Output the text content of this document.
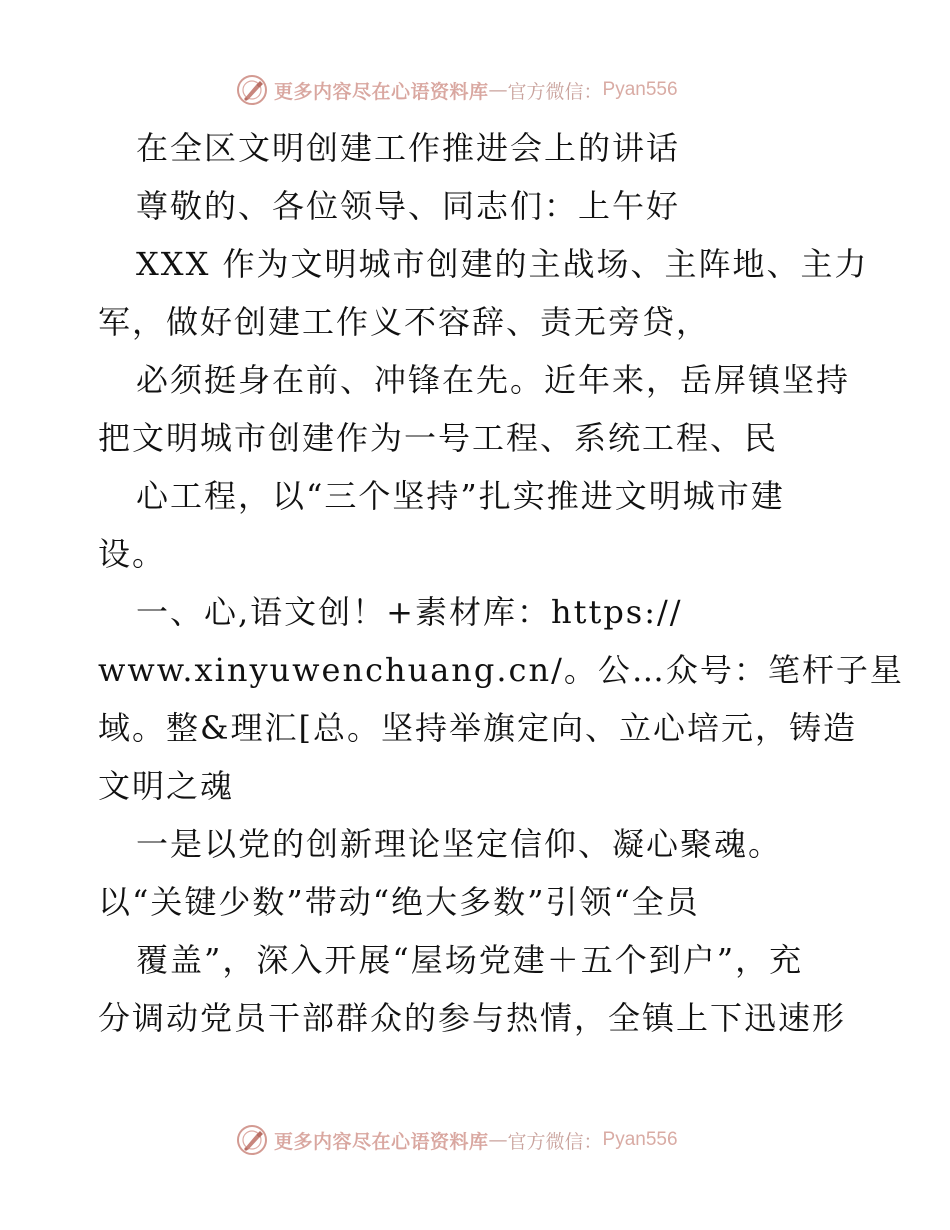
更多内容尽在心语资料库 — 官方微信： Pyan556

在全区文明创建工作推进会上的讲话

尊敬的、各位领导、同志们：上午好

XXX 作为文明城市创建的主战场、主阵地、主力

军，做好创建工作义不容辞、责无旁贷，

必须挺身在前、冲锋在先。近年来，岳屏镇坚持

把文明城市创建作为一号工程、系统工程、民

心工程，以“三个坚持”扎实推进文明城市建

设。

一、心,语文创！+素材库：https://

www.xinyuwenchuang.cn/。公…众号：笔杆子星

域。整&理汇[总。坚持举旗定向、立心培元，铸造

文明之魂

一是以党的创新理论坚定信仰、凝心聚魂。

以“关键少数”带动“绝大多数”引领“全员

覆盖”，深入开展“屋场党建＋五个到户”，充

分调动党员干部群众的参与热情，全镇上下迅速形

更多内容尽在心语资料库 — 官方微信： Pyan556
